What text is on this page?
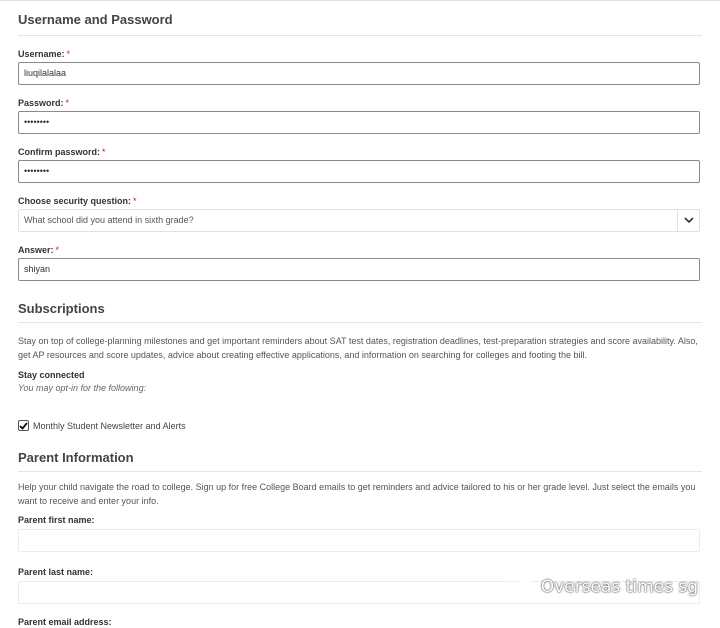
Username and Password
Username: *
liuqilalalaa
Password: *
••••••••
Confirm password: *
••••••••
Choose security question: *
What school did you attend in sixth grade?
Answer: *
shiyan
Subscriptions
Stay on top of college-planning milestones and get important reminders about SAT test dates, registration deadlines, test-preparation strategies and score availability. Also, get AP resources and score updates, advice about creating effective applications, and information on searching for colleges and footing the bill.
Stay connected
You may opt-in for the following:
Monthly Student Newsletter and Alerts
Parent Information
Help your child navigate the road to college. Sign up for free College Board emails to get reminders and advice tailored to his or her grade level. Just select the emails you want to receive and enter your info.
Parent first name:
Parent last name:
Parent email address:
Overseas times sg
